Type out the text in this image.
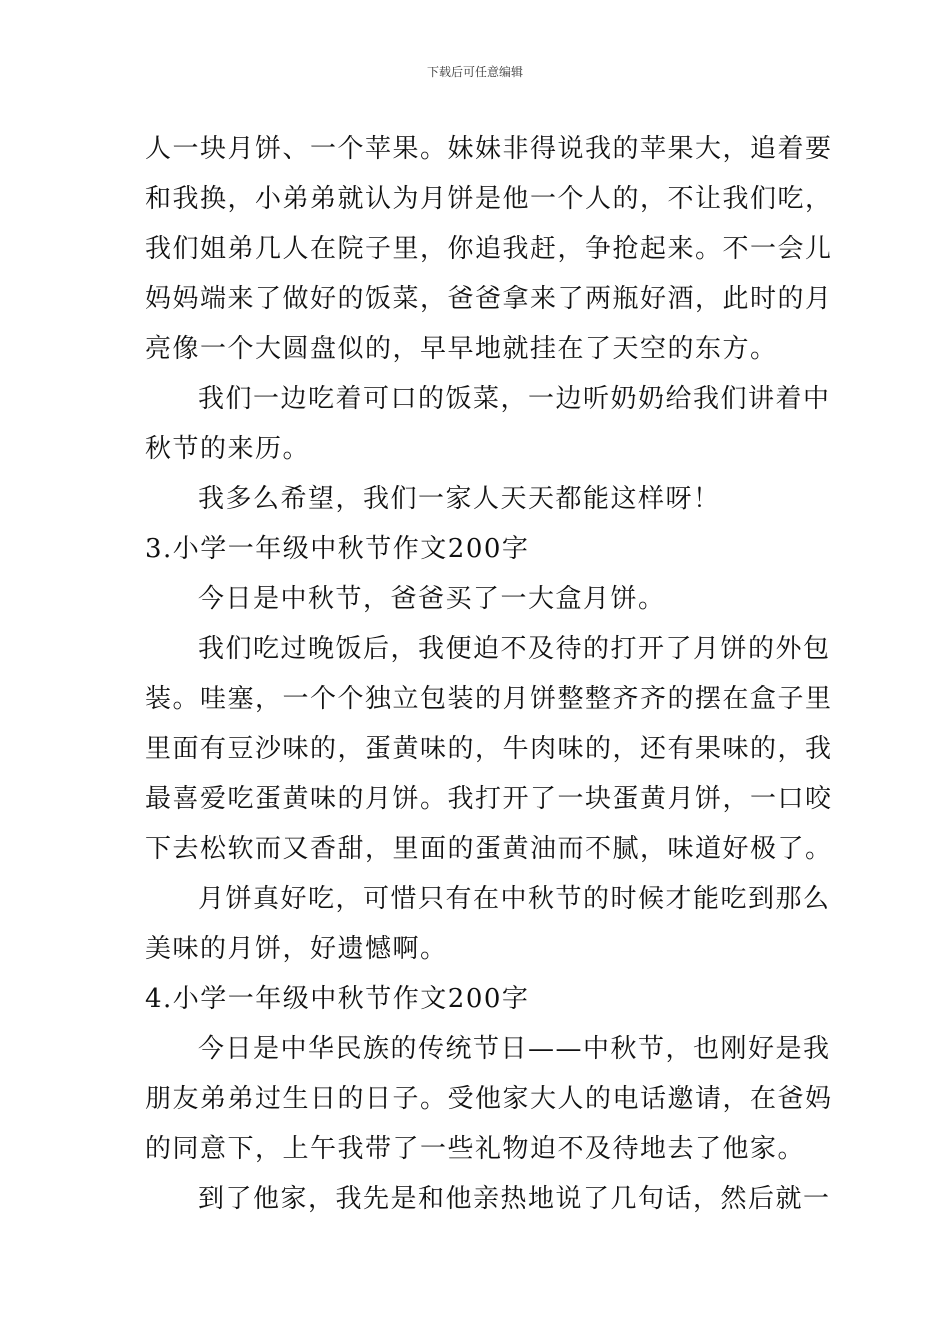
下载后可任意编辑
人一块月饼、一个苹果。妹妹非得说我的苹果大，追着要
和我换，小弟弟就认为月饼是他一个人的，不让我们吃，
我们姐弟几人在院子里，你追我赶，争抢起来。不一会儿
妈妈端来了做好的饭菜，爸爸拿来了两瓶好酒，此时的月
亮像一个大圆盘似的，早早地就挂在了天空的东方。
我们一边吃着可口的饭菜，一边听奶奶给我们讲着中
秋节的来历。
我多么希望，我们一家人天天都能这样呀！
3.小学一年级中秋节作文200字
今日是中秋节，爸爸买了一大盒月饼。
我们吃过晚饭后，我便迫不及待的打开了月饼的外包
装。哇塞，一个个独立包装的月饼整整齐齐的摆在盒子里
里面有豆沙味的，蛋黄味的，牛肉味的，还有果味的，我
最喜爱吃蛋黄味的月饼。我打开了一块蛋黄月饼，一口咬
下去松软而又香甜，里面的蛋黄油而不腻，味道好极了。
月饼真好吃，可惜只有在中秋节的时候才能吃到那么
美味的月饼，好遗憾啊。
4.小学一年级中秋节作文200字
今日是中华民族的传统节日——中秋节，也刚好是我
朋友弟弟过生日的日子。受他家大人的电话邀请，在爸妈
的同意下，上午我带了一些礼物迫不及待地去了他家。
到了他家，我先是和他亲热地说了几句话，然后就一
